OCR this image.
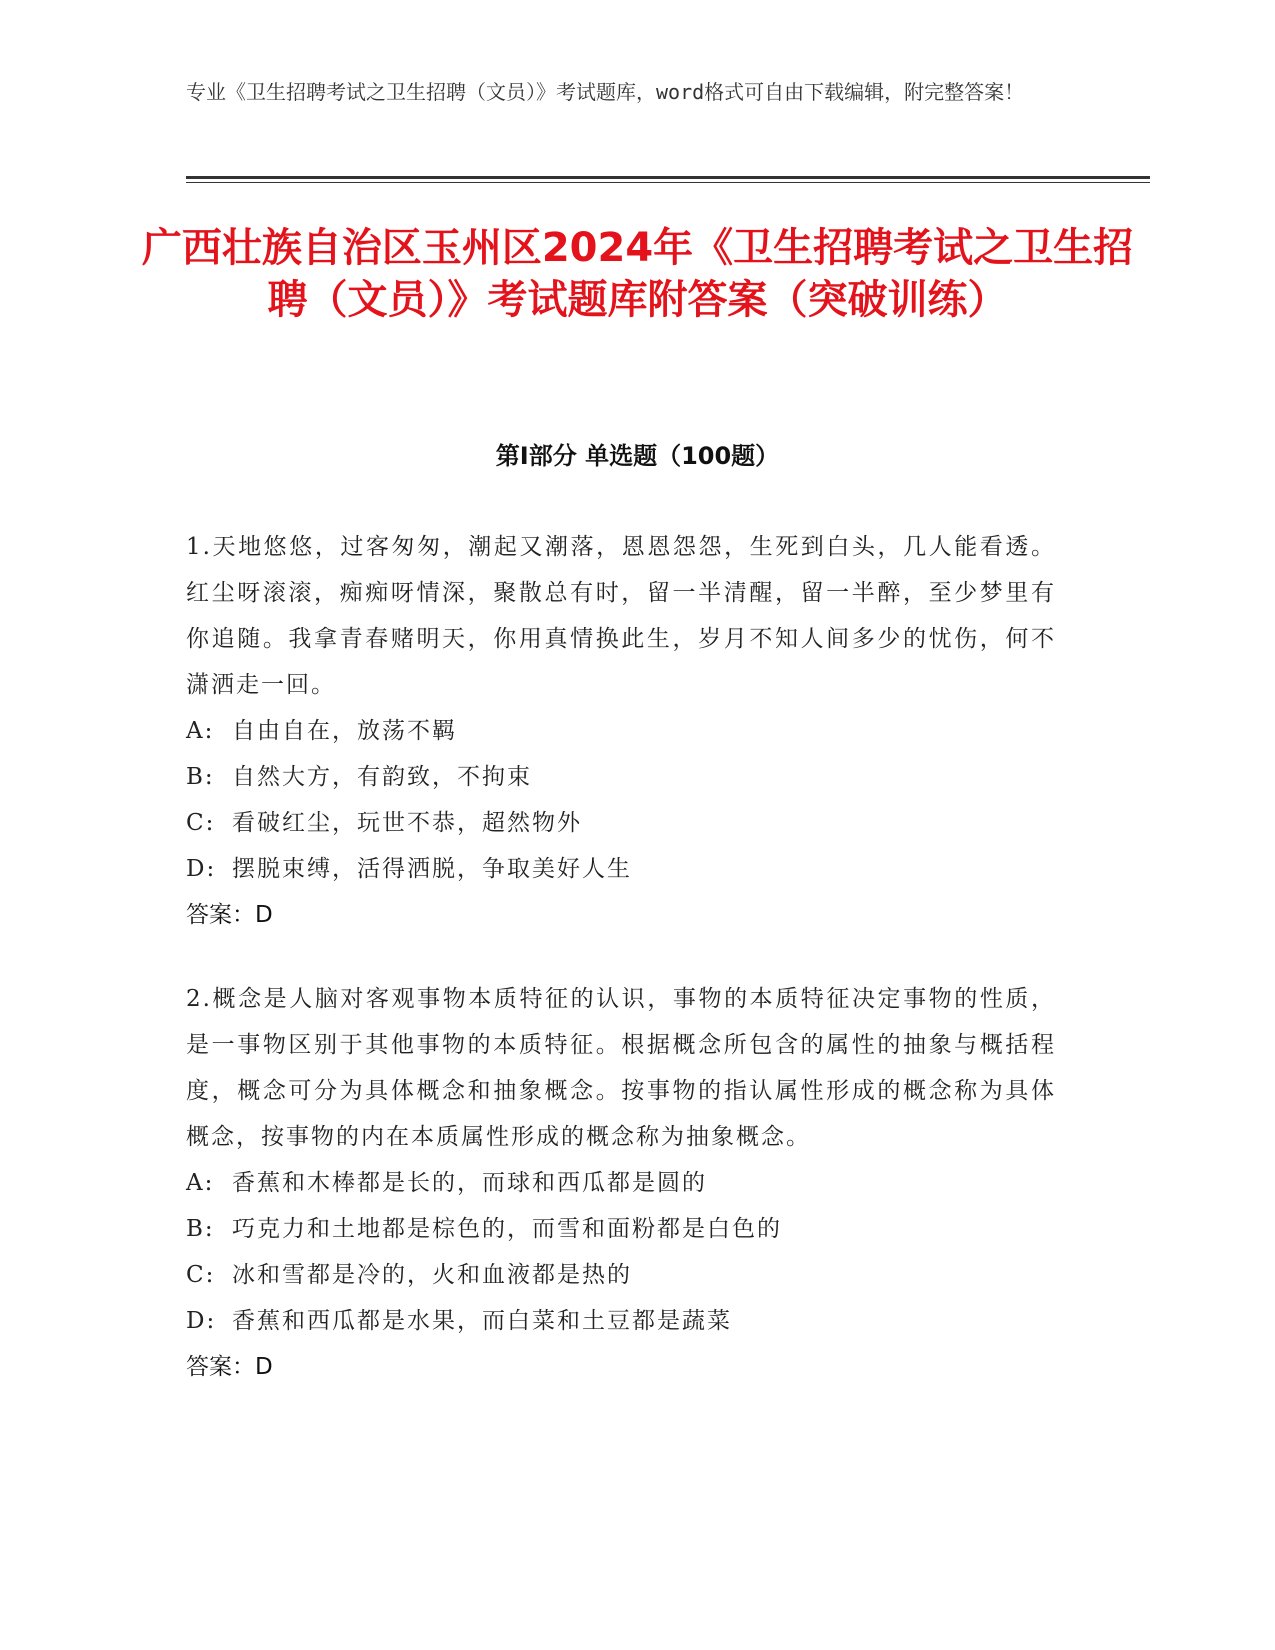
专业《卫生招聘考试之卫生招聘（文员）》考试题库，word格式可自由下载编辑，附完整答案！
广西壮族自治区玉州区2024年《卫生招聘考试之卫生招聘（文员）》考试题库附答案（突破训练）
第Ⅰ部分 单选题（100题）
1.天地悠悠，过客匆匆，潮起又潮落，恩恩怨怨，生死到白头，几人能看透。红尘呀滚滚，痴痴呀情深，聚散总有时，留一半清醒，留一半醉，至少梦里有你追随。我拿青春赌明天，你用真情换此生，岁月不知人间多少的忧伤，何不潇洒走一回。
A: 自由自在，放荡不羁
B: 自然大方，有韵致，不拘束
C: 看破红尘，玩世不恭，超然物外
D: 摆脱束缚，活得洒脱，争取美好人生
答案：D
2.概念是人脑对客观事物本质特征的认识，事物的本质特征决定事物的性质，是一事物区别于其他事物的本质特征。根据概念所包含的属性的抽象与概括程度，概念可分为具体概念和抽象概念。按事物的指认属性形成的概念称为具体概念，按事物的内在本质属性形成的概念称为抽象概念。
A: 香蕉和木棒都是长的，而球和西瓜都是圆的
B: 巧克力和土地都是棕色的，而雪和面粉都是白色的
C: 冰和雪都是冷的，火和血液都是热的
D: 香蕉和西瓜都是水果，而白菜和土豆都是蔬菜
答案：D
